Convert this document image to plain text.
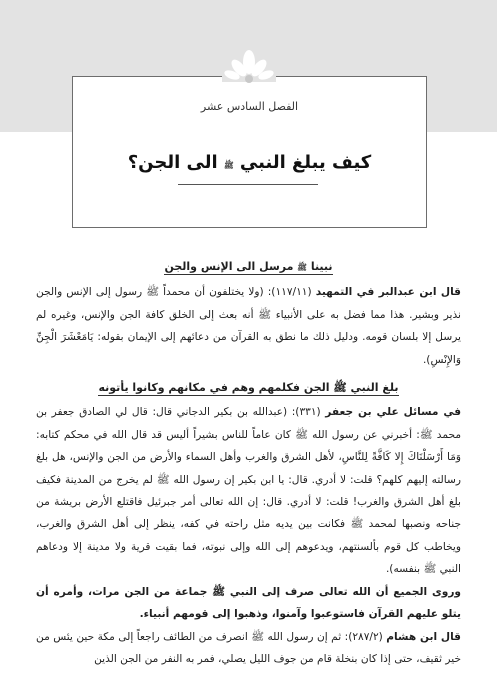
الفصل السادس عشر
كيف يبلغ النبي ﷺ الى الجن؟
نبينا ﷺ مرسل الى الإنس والجن

قال ابن عبدالبر في التمهيد (١١٧/١١): (ولا يختلفون أن محمداً ﷺ رسول إلى الإنس والجن نذير وبشير. هذا مما فضل به على الأنبياء ﷺ أنه بعث إلى الخلق كافة الجن والإنس، وغيره لم يرسل إلا بلسان قومه. ودليل ذلك ما نطق به القرآن من دعائهم إلى الإيمان بقوله: يَامَعْشَرَ الْجِنِّ وَالإِنْسِ).

بلغ النبي ﷺ الجن فكلمهم وهم في مكانهم وكانوا يأتونه

في مسائل علي بن جعفر (٣٣١): (عبدالله بن بكير الدجاني قال: قال لي الصادق جعفر بن محمد ﷺ: أخبرني عن رسول الله ﷺ كان عاماً للناس بشيراً أليس قد قال الله في محكم كتابه: وَمَا أَرْسَلْنَاكَ إِلا كَافَّةً لِلنَّاسِ، لأهل الشرق والغرب وأهل السماء والأرض من الجن والإنس، هل بلغ رسالته إليهم كلهم؟ قلت: لا أدري. قال: يا ابن بكير إن رسول الله ﷺ لم يخرج من المدينة فكيف بلغ أهل الشرق والغرب! قلت: لا أدري. قال: إن الله تعالى أمر جبرئيل فاقتلع الأرض بريشة من جناحه ونصبها لمحمد ﷺ فكانت بين يديه مثل راحته في كفه، ينظر إلى أهل الشرق والغرب، ويخاطب كل قوم بألسنتهم، ويدعوهم إلى الله وإلى نبوته، فما بقيت قرية ولا مدينة إلا ودعاهم النبي ﷺ بنفسه).

وروى الجميع أن الله تعالى صرف إلى النبي ﷺ جماعة من الجن مرات، وأمره أن يتلو عليهم القرآن فاستوعبوا وآمنوا، وذهبوا إلى قومهم أنبياء.

قال ابن هشام (٢٨٧/٢): ثم إن رسول الله ﷺ انصرف من الطائف راجعاً إلى مكة حين يئس من خير ثقيف، حتى إذا كان بنخلة قام من جوف الليل يصلي، فمر به النفر من الجن الذين
